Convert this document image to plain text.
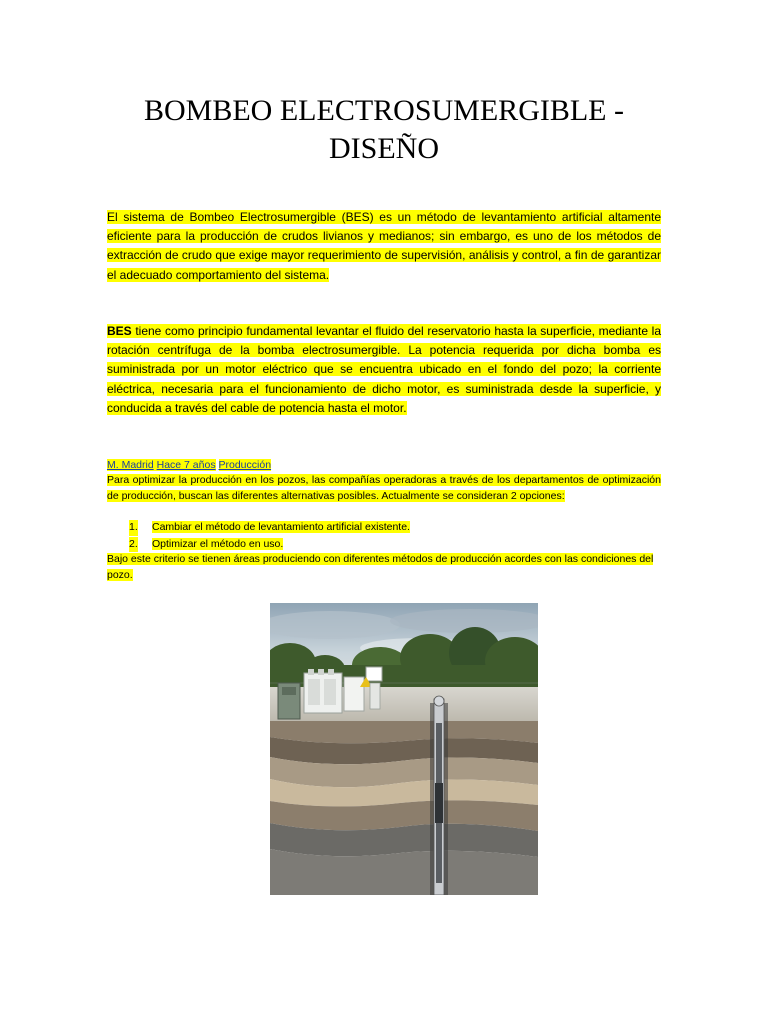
BOMBEO ELECTROSUMERGIBLE -
DISEÑO

El sistema de Bombeo Electrosumergible (BES) es un método de levantamiento artificial altamente eficiente para la producción de crudos livianos y medianos; sin embargo, es uno de los métodos de extracción de crudo que exige mayor requerimiento de supervisión, análisis y control, a fin de garantizar el adecuado comportamiento del sistema.

BES tiene como principio fundamental levantar el fluido del reservatorio hasta la superficie, mediante la rotación centrífuga de la bomba electrosumergible. La potencia requerida por dicha bomba es suministrada por un motor eléctrico que se encuentra ubicado en el fondo del pozo; la corriente eléctrica, necesaria para el funcionamiento de dicho motor, es suministrada desde la superficie, y conducida a través del cable de potencia hasta el motor.

M. Madrid Hace 7 años Producción

Para optimizar la producción en los pozos, las compañías operadoras a través de los departamentos de optimización de producción, buscan las diferentes alternativas posibles. Actualmente se consideran 2 opciones:

1. Cambiar el método de levantamiento artificial existente.
2. Optimizar el método en uso.

Bajo este criterio se tienen áreas produciendo con diferentes métodos de producción acordes con las condiciones del pozo.
